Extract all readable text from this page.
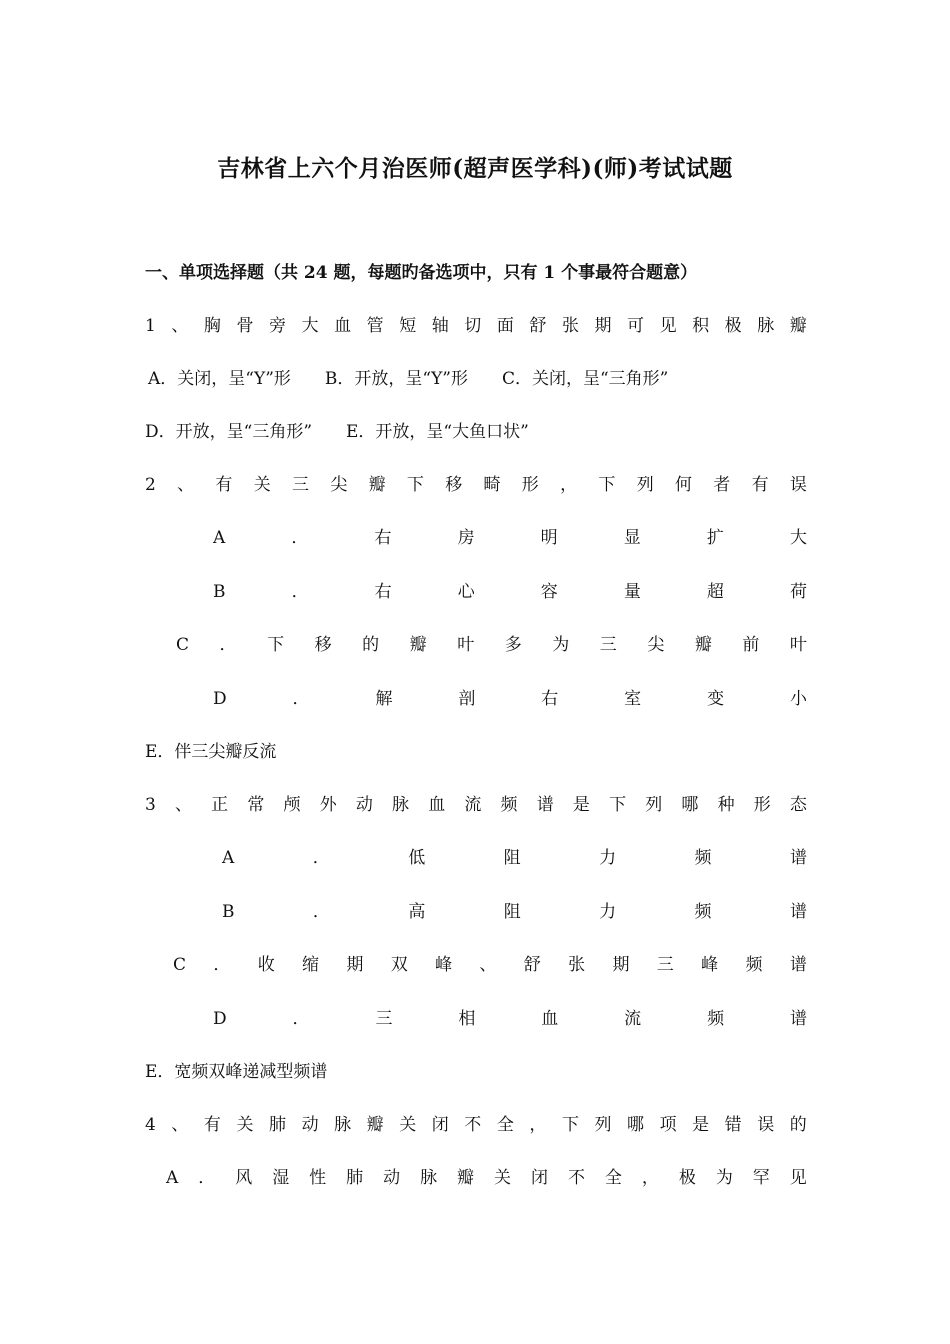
吉林省上六个月治医师(超声医学科)(师)考试试题
一、单项选择题（共 24 题，每题旳备选项中，只有 1 个事最符合题意）
1 、 胸 骨 旁 大 血 管 短 轴 切 面 舒 张 期 可 见 积 极 脉 瓣
A．关闭，呈“Y”形　　B．开放，呈“Y”形　　C．关闭，呈“三角形”
D．开放，呈“三角形”　　E．开放，呈“大鱼口状”
2 、 有 关 三 尖 瓣 下 移 畸 形 ， 下 列 何 者 有 误
A	．	右	房	明	显	扩	大
B	．	右	心	容	量	超	荷
C ． 下 移 的 瓣 叶 多 为 三 尖 瓣 前 叶
D	．	解	剖	右	室	变	小
E．伴三尖瓣反流
3 、 正 常 颅 外 动 脉 血 流 频 谱 是 下 列 哪 种 形 态
A	．	低	阻	力	频	谱
B	．	高	阻	力	频	谱
C ． 收 缩 期 双 峰 、 舒 张 期 三 峰 频 谱
D	．	三	相	血	流	频	谱
E．宽频双峰递减型频谱
4 、 有 关 肺 动 脉 瓣 关 闭 不 全 ， 下 列 哪 项 是 错 误 的
A ． 风 湿 性 肺 动 脉 瓣 关 闭 不 全 ， 极 为 罕 见
